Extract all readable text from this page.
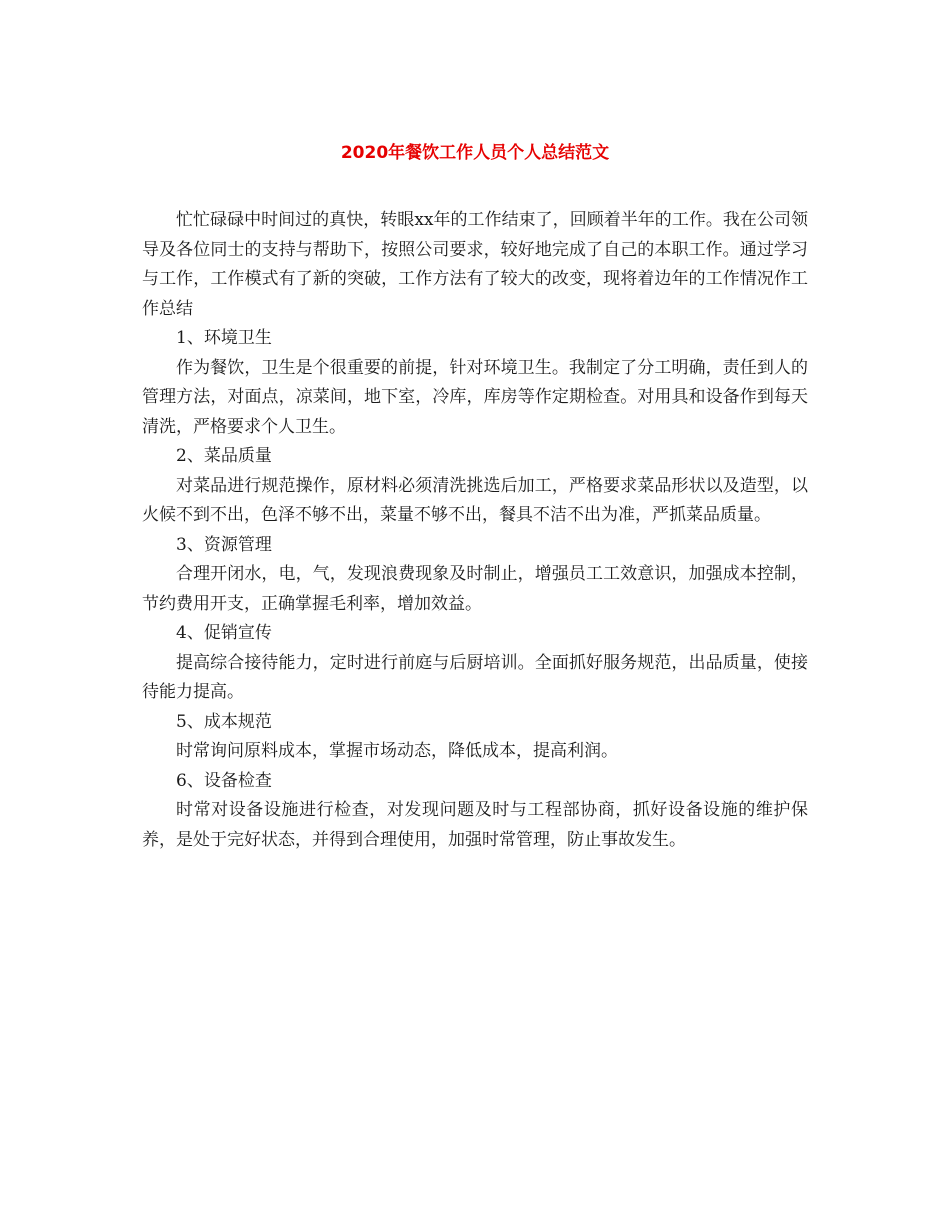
2020年餐饮工作人员个人总结范文

忙忙碌碌中时间过的真快，转眼xx年的工作结束了，回顾着半年的工作。我在公司领导及各位同士的支持与帮助下，按照公司要求，较好地完成了自己的本职工作。通过学习与工作，工作模式有了新的突破，工作方法有了较大的改变，现将着边年的工作情况作工作总结

1、环境卫生

作为餐饮，卫生是个很重要的前提，针对环境卫生。我制定了分工明确，责任到人的管理方法，对面点，凉菜间，地下室，冷库，库房等作定期检查。对用具和设备作到每天清洗，严格要求个人卫生。

2、菜品质量

对菜品进行规范操作，原材料必须清洗挑选后加工，严格要求菜品形状以及造型，以火候不到不出，色泽不够不出，菜量不够不出，餐具不洁不出为准，严抓菜品质量。

3、资源管理

合理开闭水，电，气，发现浪费现象及时制止，增强员工工效意识，加强成本控制，节约费用开支，正确掌握毛利率，增加效益。

4、促销宣传

提高综合接待能力，定时进行前庭与后厨培训。全面抓好服务规范，出品质量，使接待能力提高。

5、成本规范

时常询问原料成本，掌握市场动态，降低成本，提高利润。

6、设备检查

时常对设备设施进行检查，对发现问题及时与工程部协商，抓好设备设施的维护保养，是处于完好状态，并得到合理使用，加强时常管理，防止事故发生。
